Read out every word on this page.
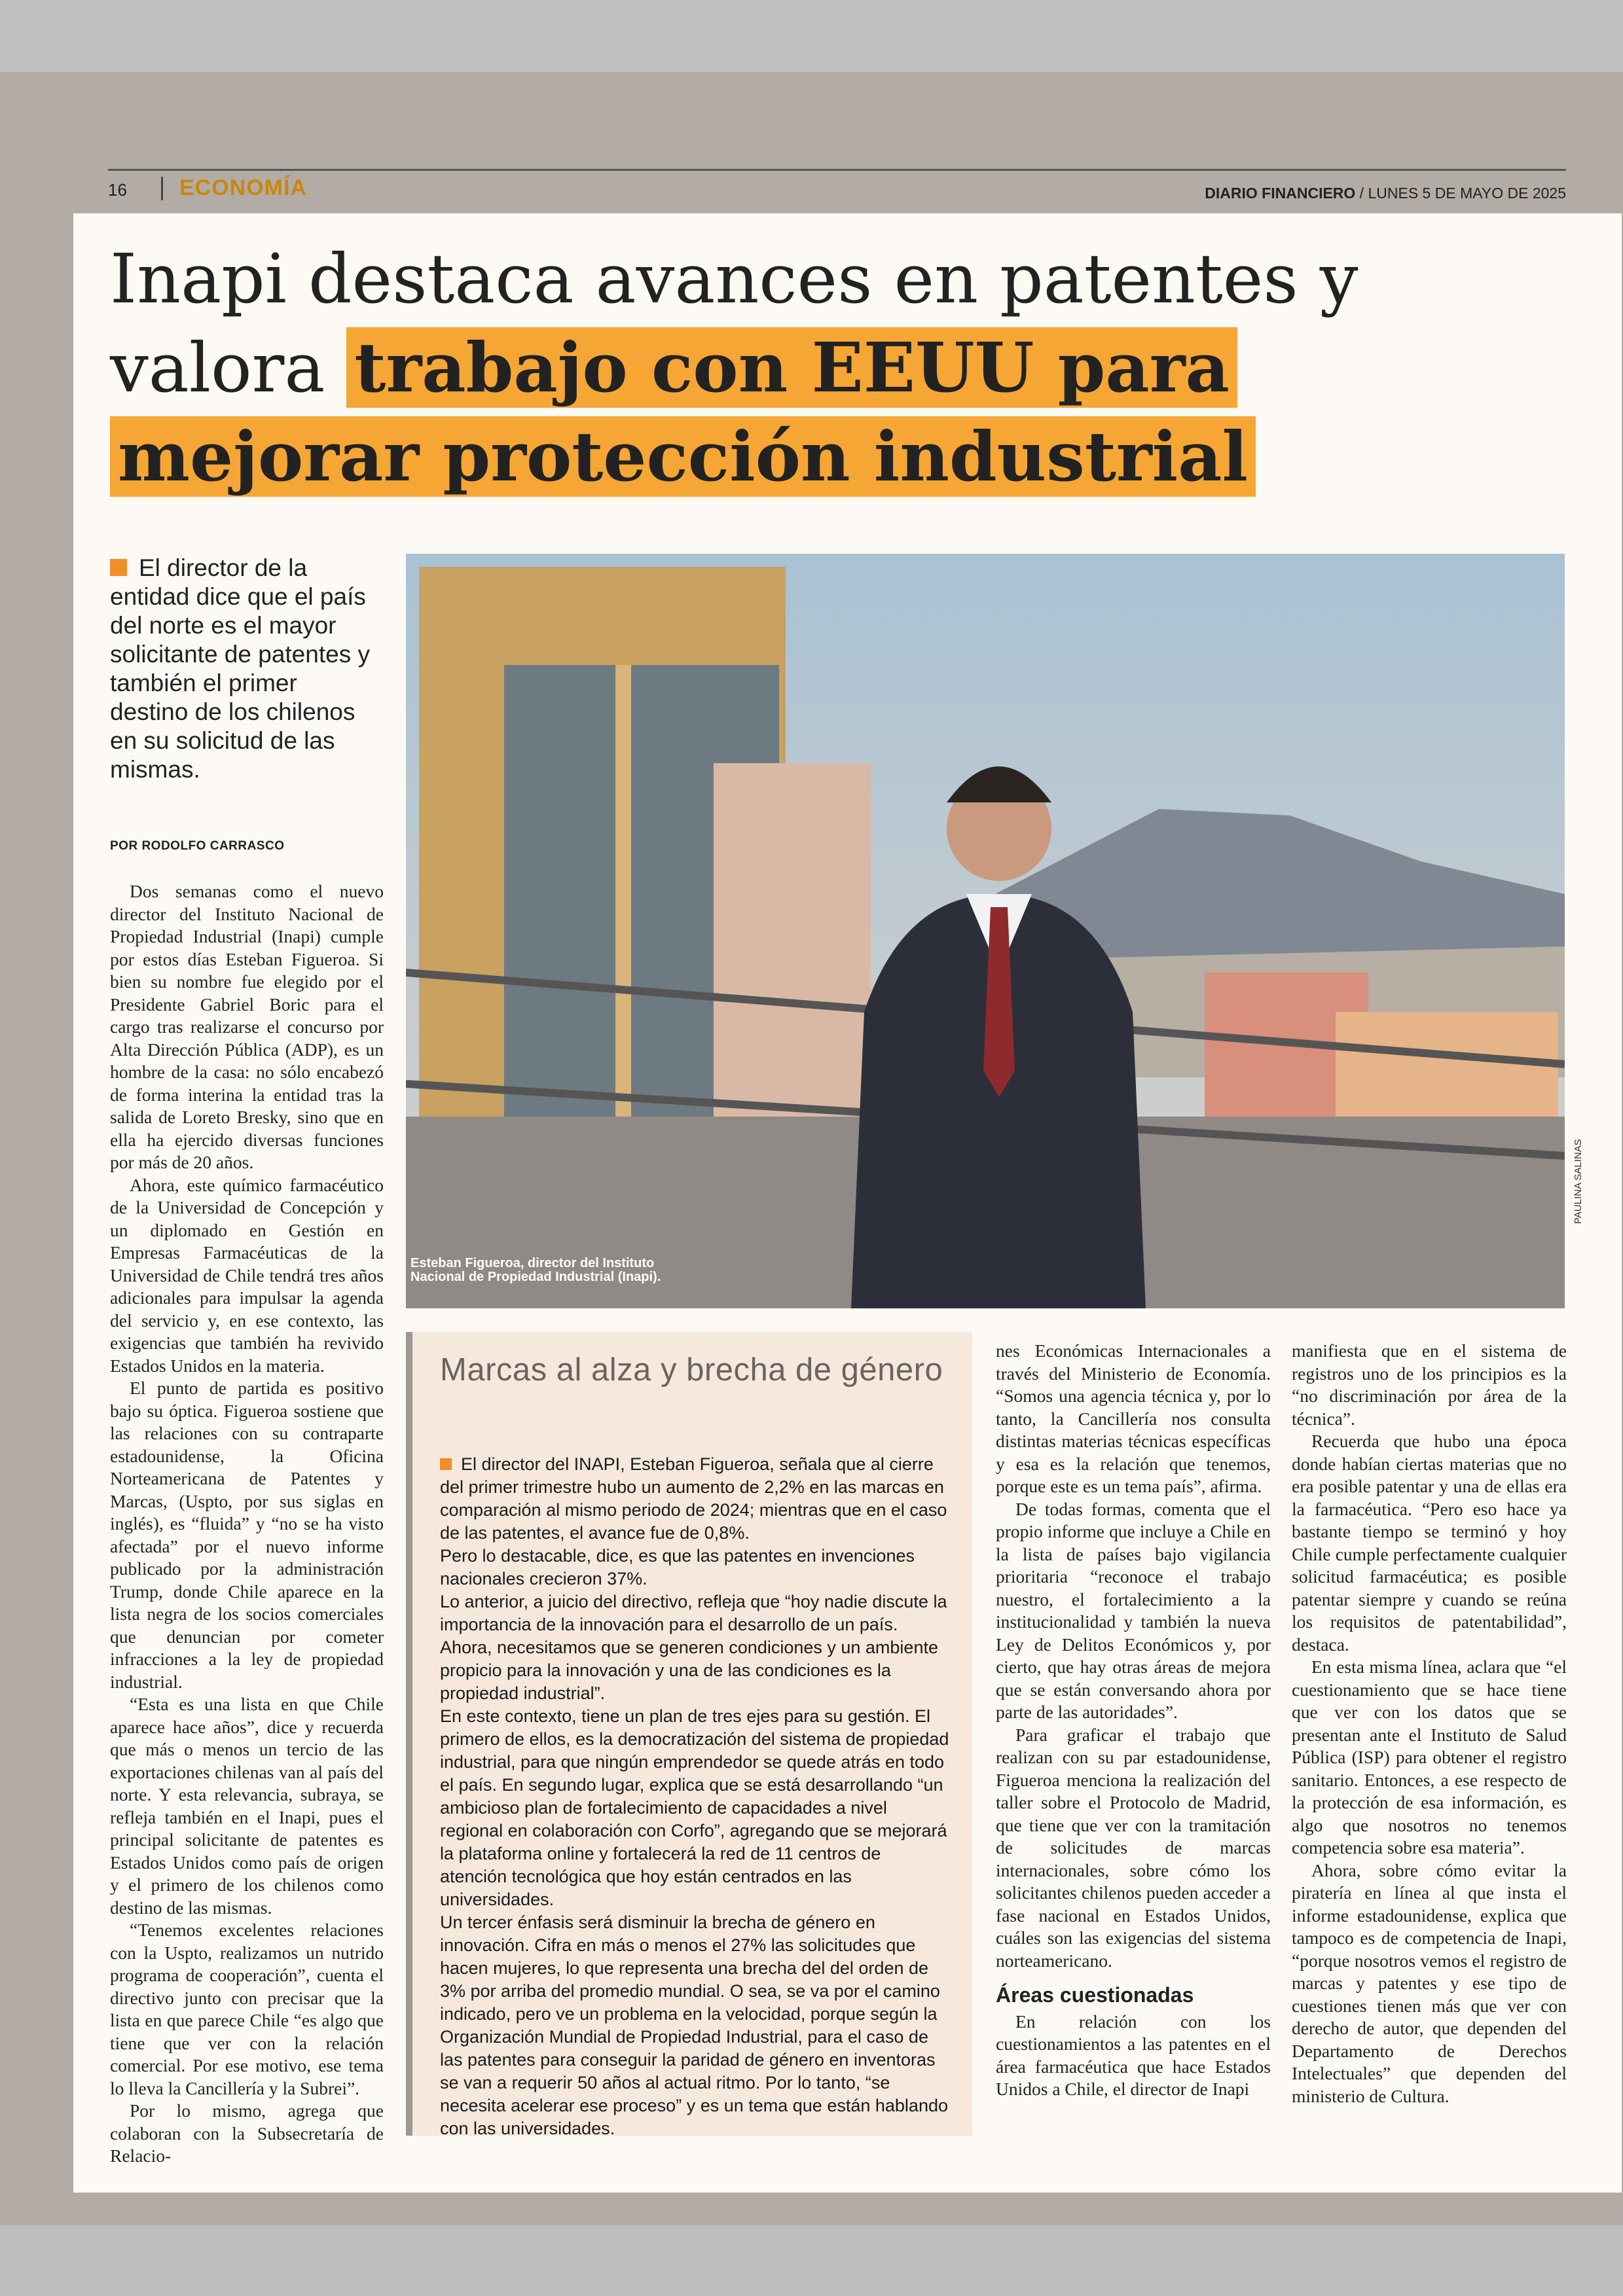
16 ECONOMÍA	DIARIO FINANCIERO / LUNES 5 DE MAYO DE 2025
Inapi destaca avances en patentes y valora trabajo con EEUU para
mejorar protección industrial
El director de la entidad dice que el país del norte es el mayor solicitante de patentes y también el primer destino de los chilenos en su solicitud de las mismas.
POR RODOLFO CARRASCO

Dos semanas como el nuevo director del Instituto Nacional de Propiedad Industrial (Inapi) cumple por estos días Esteban Figueroa. Si bien su nombre fue elegido por el Presidente Gabriel Boric para el cargo tras realizarse el concurso por Alta Dirección Pública (ADP), es un hombre de la casa: no sólo encabezó de forma interina la entidad tras la salida de Loreto Bresky, sino que en ella ha ejercido diversas funciones por más de 20 años.

Ahora, este químico farmacéutico de la Universidad de Concepción y un diplomado en Gestión en Empresas Farmacéuticas de la Universidad de Chile tendrá tres años adicionales para impulsar la agenda del servicio y, en ese contexto, las exigencias que también ha revivido Estados Unidos en la materia.

El punto de partida es positivo bajo su óptica. Figueroa sostiene que las relaciones con su contraparte estadounidense, la Oficina Norteamericana de Patentes y Marcas, (Uspto, por sus siglas en inglés), es “fluida” y “no se ha visto afectada” por el nuevo informe publicado por la administración Trump, donde Chile aparece en la lista negra de los socios comerciales que denuncian por cometer infracciones a la ley de propiedad industrial.

“Esta es una lista en que Chile aparece hace años”, dice y recuerda que más o menos un tercio de las exportaciones chilenas van al país del norte. Y esta relevancia, subraya, se refleja también en el Inapi, pues el principal solicitante de patentes es Estados Unidos como país de origen y el primero de los chilenos como destino de las mismas.

“Tenemos excelentes relaciones con la Uspto, realizamos un nutrido programa de cooperación”, cuenta el directivo junto con precisar que la lista en que parece Chile “es algo que tiene que ver con la relación comercial. Por ese motivo, ese tema lo lleva la Cancillería y la Subrei”.

Por lo mismo, agrega que colaboran con la Subsecretaría de Relacio-

Esteban Figueroa, director del Instituto Nacional de Propiedad Industrial (Inapi).
PAULINA SALINAS
Marcas al alza y brecha de género

El director del INAPI, Esteban Figueroa, señala que al cierre del primer trimestre hubo un aumento de 2,2% en las marcas en comparación al mismo periodo de 2024; mientras que en el caso de las patentes, el avance fue de 0,8%.

Pero lo destacable, dice, es que las patentes en invenciones nacionales crecieron 37%.

Lo anterior, a juicio del directivo, refleja que “hoy nadie discute la importancia de la innovación para el desarrollo de un país. Ahora, necesitamos que se generen condiciones y un ambiente propicio para la innovación y una de las condiciones es la propiedad industrial”.

En este contexto, tiene un plan de tres ejes para su gestión. El primero de ellos, es la democratización del sistema de propiedad industrial, para que ningún emprendedor se quede atrás en todo el país. En segundo lugar, explica que se está desarrollando “un ambicioso plan de fortalecimiento de capacidades a nivel regional en colaboración con Corfo”, agregando que se mejorará la plataforma online y fortalecerá la red de 11 centros de atención tecnológica que hoy están centrados en las universidades.

Un tercer énfasis será disminuir la brecha de género en innovación. Cifra en más o menos el 27% las solicitudes que hacen mujeres, lo que representa una brecha del del orden de 3% por arriba del promedio mundial. O sea, se va por el camino indicado, pero ve un problema en la velocidad, porque según la Organización Mundial de Propiedad Industrial, para el caso de las patentes para conseguir la paridad de género en inventoras se van a requerir 50 años al actual ritmo. Por lo tanto, “se necesita acelerar ese proceso” y es un tema que están hablando con las universidades.

nes Económicas Internacionales a través del Ministerio de Economía. “Somos una agencia técnica y, por lo tanto, la Cancillería nos consulta distintas materias técnicas específicas y esa es la relación que tenemos, porque este es un tema país”, afirma.

De todas formas, comenta que el propio informe que incluye a Chile en la lista de países bajo vigilancia prioritaria “reconoce el trabajo nuestro, el fortalecimiento a la institucionalidad y también la nueva Ley de Delitos Económicos y, por cierto, que hay otras áreas de mejora que se están conversando ahora por parte de las autoridades”.

Para graficar el trabajo que realizan con su par estadounidense, Figueroa menciona la realización del taller sobre el Protocolo de Madrid, que tiene que ver con la tramitación de solicitudes de marcas internacionales, sobre cómo los solicitantes chilenos pueden acceder a fase nacional en Estados Unidos, cuáles son las exigencias del sistema norteamericano.

Áreas cuestionadas

En relación con los cuestionamientos a las patentes en el área farmacéutica que hace Estados Unidos a Chile, el director de Inapi

manifiesta que en el sistema de registros uno de los principios es la “no discriminación por área de la técnica”.

Recuerda que hubo una época donde habían ciertas materias que no era posible patentar y una de ellas era la farmacéutica. “Pero eso hace ya bastante tiempo se terminó y hoy Chile cumple perfectamente cualquier solicitud farmacéutica; es posible patentar siempre y cuando se reúna los requisitos de patentabilidad”, destaca.

En esta misma línea, aclara que “el cuestionamiento que se hace tiene que ver con los datos que se presentan ante el Instituto de Salud Pública (ISP) para obtener el registro sanitario. Entonces, a ese respecto de la protección de esa información, es algo que nosotros no tenemos competencia sobre esa materia”.

Ahora, sobre cómo evitar la piratería en línea al que insta el informe estadounidense, explica que tampoco es de competencia de Inapi, “porque nosotros vemos el registro de marcas y patentes y ese tipo de cuestiones tienen más que ver con derecho de autor, que dependen del Departamento de Derechos Intelectuales” que dependen del ministerio de Cultura.
